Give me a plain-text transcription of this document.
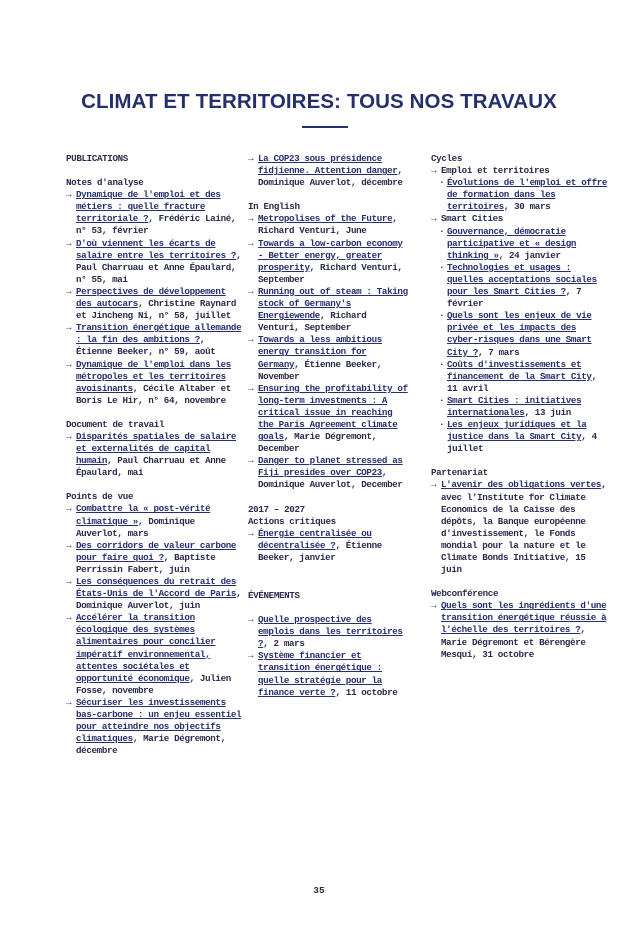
CLIMAT ET TERRITOIRES: TOUS NOS TRAVAUX
PUBLICATIONS
Notes d'analyse
→ Dynamique de l'emploi et des métiers : quelle fracture territoriale ?, Frédéric Lainé, n° 53, février
→ D'où viennent les écarts de salaire entre les territoires ?, Paul Charruau et Anne Épaulard, n° 55, mai
→ Perspectives de développement des autocars, Christine Raynard et Jincheng Ni, n° 58, juillet
→ Transition énergétique allemande : la fin des ambitions ?, Étienne Beeker, n° 59, août
→ Dynamique de l'emploi dans les métropoles et les territoires avoisinants, Cécile Altaber et Boris Le Hir, n° 64, novembre
Document de travail
→ Disparités spatiales de salaire et externalités de capital humain, Paul Charruau et Anne Épaulard, mai
Points de vue
→ Combattre la « post-vérité climatique », Dominique Auverlot, mars
→ Des corridors de valeur carbone pour faire quoi ?, Baptiste Perrissin Fabert, juin
→ Les conséquences du retrait des États-Unis de l'Accord de Paris, Dominique Auverlot, juin
→ Accélérer la transition écologique des systèmes alimentaires pour concilier impératif environnemental, attentes sociétales et opportunité économique, Julien Fosse, novembre
→ Sécuriser les investissements bas-carbone : un enjeu essentiel pour atteindre nos objectifs climatiques, Marie Dégremont, décembre
→ La COP23 sous présidence fidjienne. Attention danger, Dominique Auverlot, décembre
In English
→ Metropolises of the Future, Richard Venturi, June
→ Towards a low-carbon economy - Better energy, greater prosperity, Richard Venturi, September
→ Running out of steam : Taking stock of Germany's Energiewende, Richard Venturi, September
→ Towards a less ambitious energy transition for Germany, Étienne Beeker, November
→ Ensuring the profitability of long-term investments : A critical issue in reaching the Paris Agreement climate goals, Marie Dégremont, December
→ Danger to planet stressed as Fiji presides over COP23, Dominique Auverlot, December
2017 – 2027
Actions critiques
→ Énergie centralisée ou décentralisée ?, Étienne Beeker, janvier
ÉVÉNEMENTS
→ Quelle prospective des emplois dans les territoires ?, 2 mars
→ Système financier et transition énergétique : quelle stratégie pour la finance verte ?, 11 octobre
Cycles
→ Emploi et territoires
· Évolutions de l'emploi et offre de formation dans les territoires, 30 mars
→ Smart Cities
· Gouvernance, démocratie participative et « design thinking », 24 janvier
· Technologies et usages : quelles acceptations sociales pour les Smart Cities ?, 7 février
· Quels sont les enjeux de vie privée et les impacts des cyber-risques dans une Smart City ?, 7 mars
· Coûts d'investissements et financement de la Smart City, 11 avril
· Smart Cities : initiatives internationales, 13 juin
· Les enjeux juridiques et la justice dans la Smart City, 4 juillet
Partenariat
→ L'avenir des obligations vertes, avec l'Institute for Climate Economics de la Caisse des dépôts, la Banque européenne d'investissement, le Fonds mondial pour la nature et le Climate Bonds Initiative, 15 juin
Webconférence
→ Quels sont les ingrédients d'une transition énergétique réussie à l'échelle des territoires ?, Marie Dégremont et Bérengère Mesqui, 31 octobre
35
